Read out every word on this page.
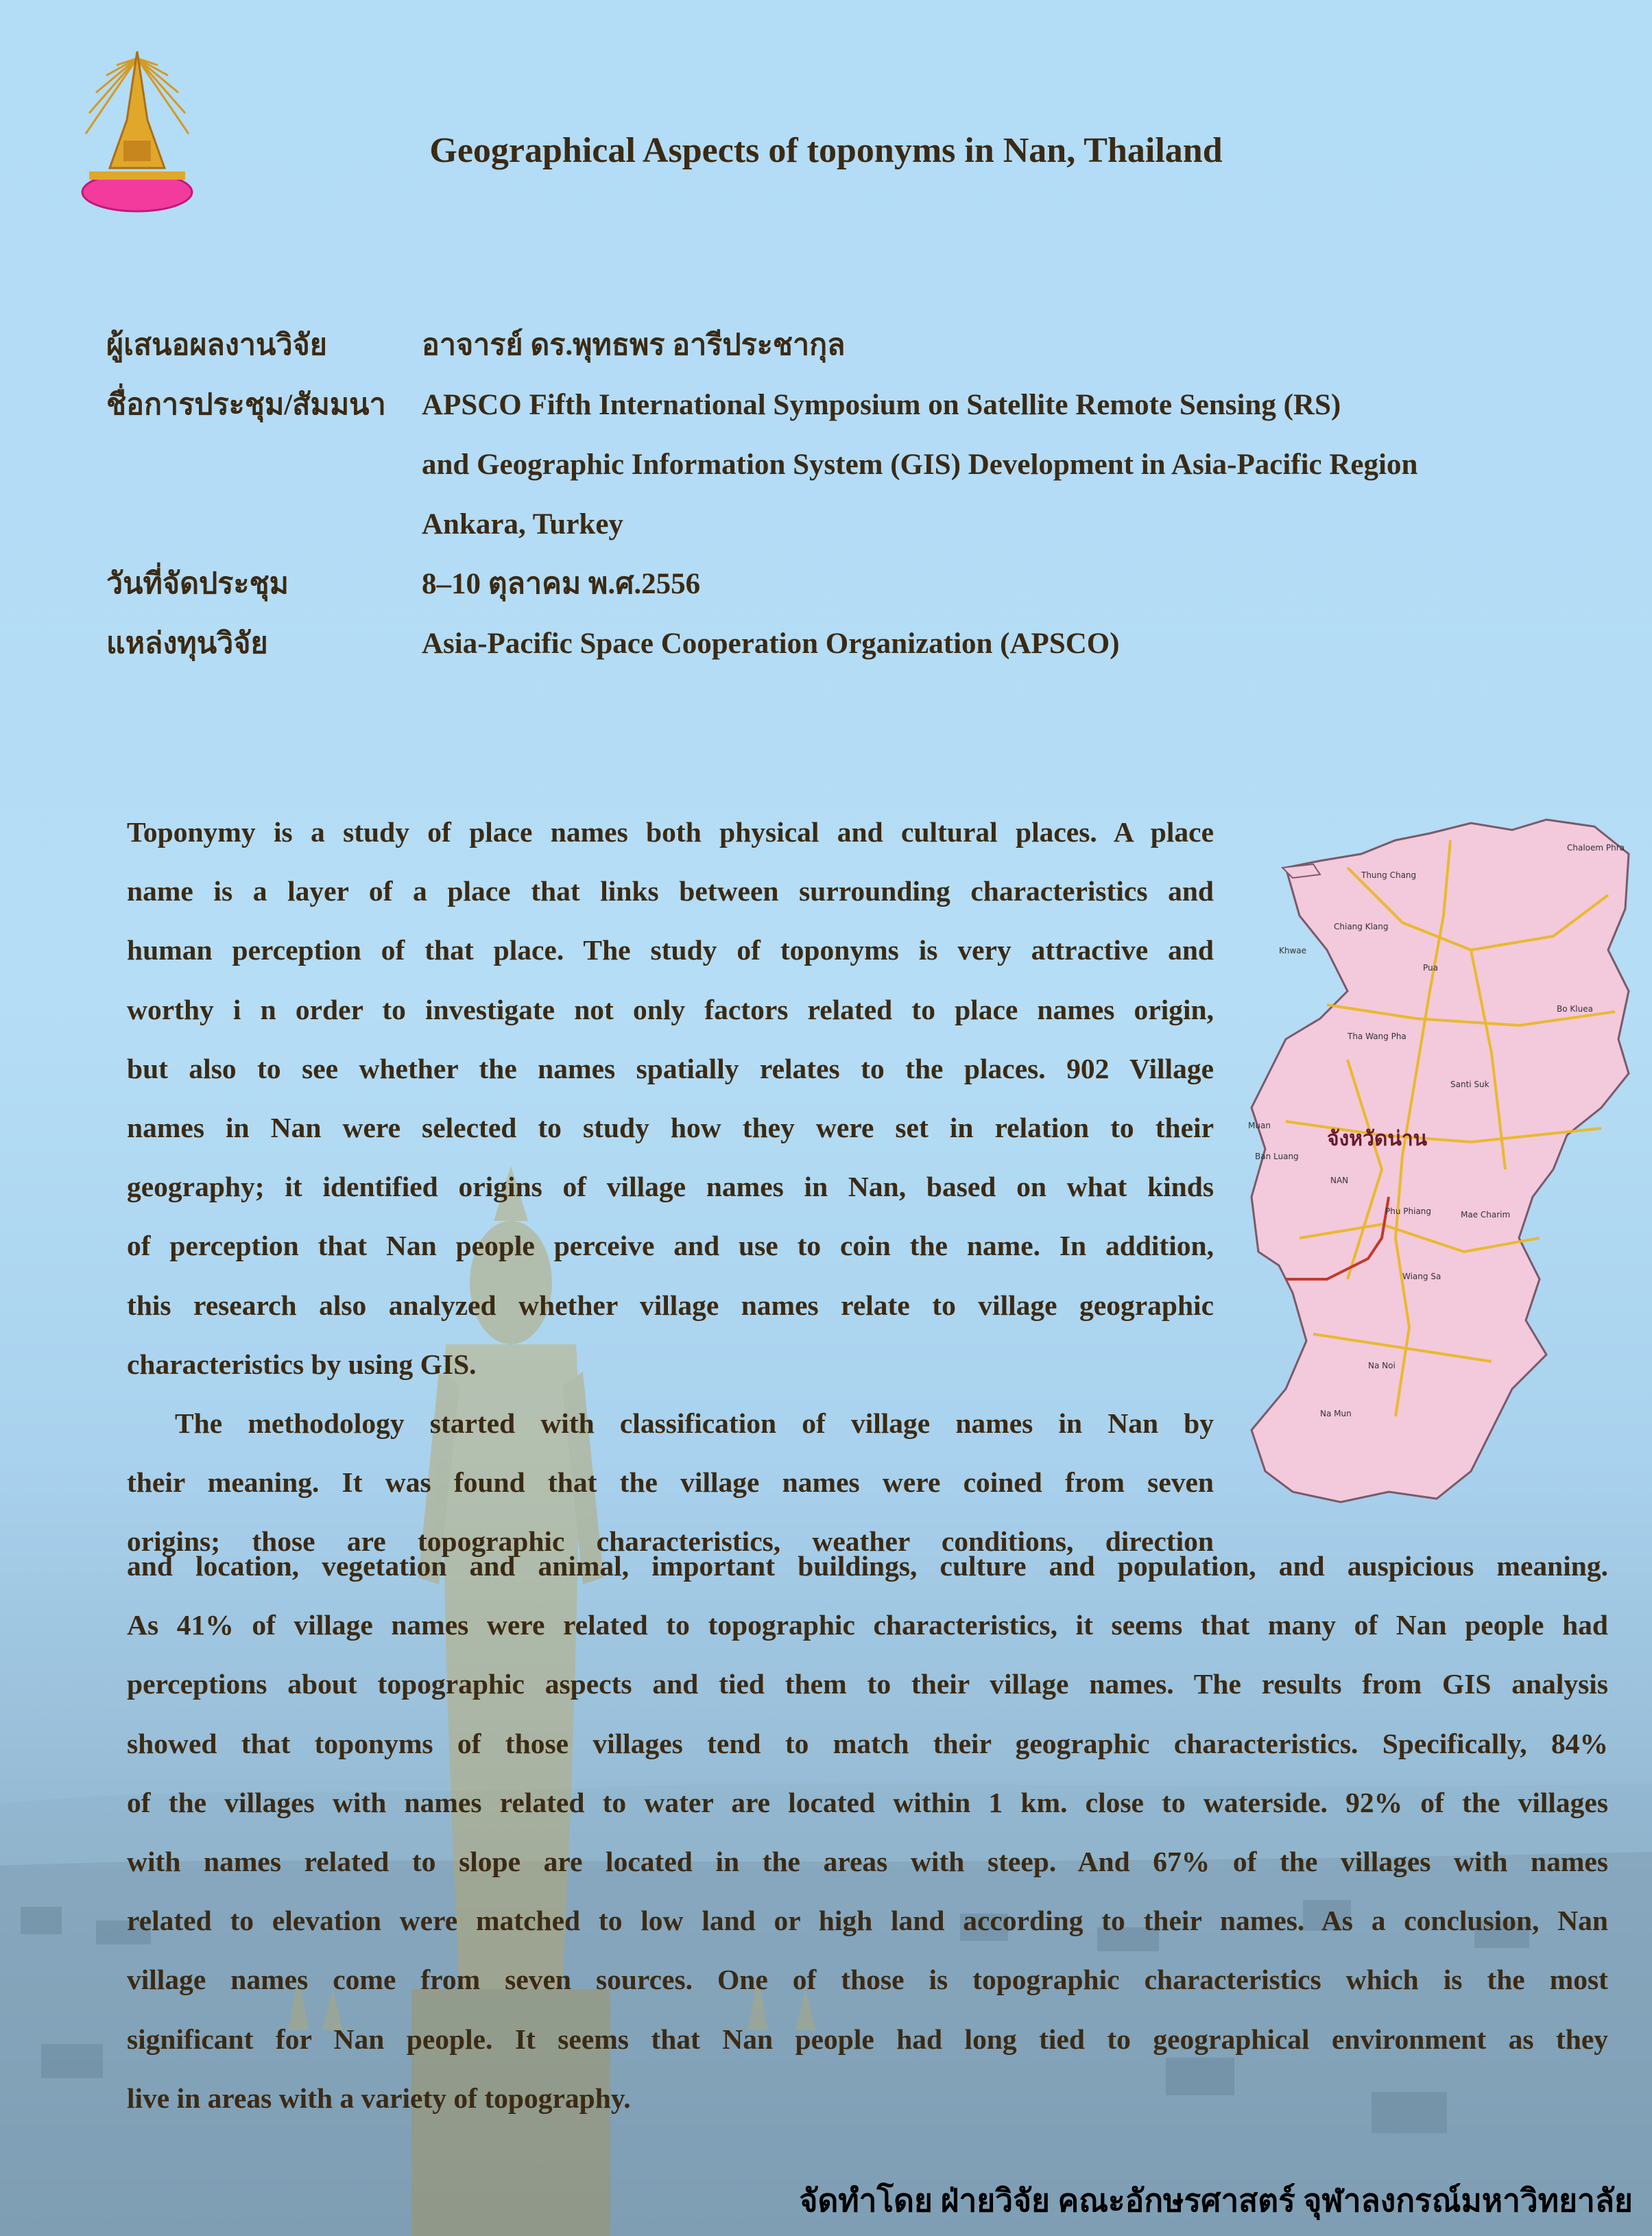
Geographical Aspects of toponyms in Nan, Thailand
ผู้เสนอผลงานวิจัย	อาจารย์ ดร.พุทธพร อารีประชากุล
ชื่อการประชุม/สัมมนา	APSCO Fifth International Symposium on Satellite Remote Sensing (RS)
and Geographic Information System (GIS) Development in Asia-Pacific Region
Ankara, Turkey
วันที่จัดประชุม	8–10 ตุลาคม พ.ศ.2556
แหล่งทุนวิจัย	Asia-Pacific Space Cooperation Organization (APSCO)
Toponymy is a study of place names both physical and cultural places. A place
name is a layer of a place that links between surrounding characteristics and
human perception of that place. The study of toponyms is very attractive and
worthy i n order to investigate not only factors related to place names origin,
but also to see whether the names spatially relates to the places. 902 Village
names in Nan were selected to study how they were set in relation to their
geography; it identified origins of village names in Nan, based on what kinds
of perception that Nan people perceive and use to coin the name. In addition,
this research also analyzed whether village names relate to village geographic
characteristics by using GIS.
The methodology started with classification of village names in Nan by
their meaning. It was found that the village names were coined from seven
origins; those are topographic characteristics, weather conditions, direction
จังหวัดน่าน
Chaloem Phra
Thung Chang
Chiang Klang
Pua
Bo Kluea
Tha Wang Pha
Santi Suk
Muan
Ban Luang
NAN
Phu Phiang	Mae Charim
Wiang Sa
Na Noi
Na Mun
Khwae
and location, vegetation and animal, important buildings, culture and population, and auspicious meaning.
As 41% of village names were related to topographic characteristics, it seems that many of Nan people had
perceptions about topographic aspects and tied them to their village names. The results from GIS analysis
showed that toponyms of those villages tend to match their geographic characteristics. Specifically, 84%
of the villages with names related to water are located within 1 km. close to waterside. 92% of the villages
with names related to slope are located in the areas with steep. And 67% of the villages with names
related to elevation were matched to low land or high land according to their names. As a conclusion, Nan
village names come from seven sources. One of those is topographic characteristics which is the most
significant for Nan people. It seems that Nan people had long tied to geographical environment as they
live in areas with a variety of topography.
จัดทำโดย ฝ่ายวิจัย คณะอักษรศาสตร์ จุฬาลงกรณ์มหาวิทยาลัย
